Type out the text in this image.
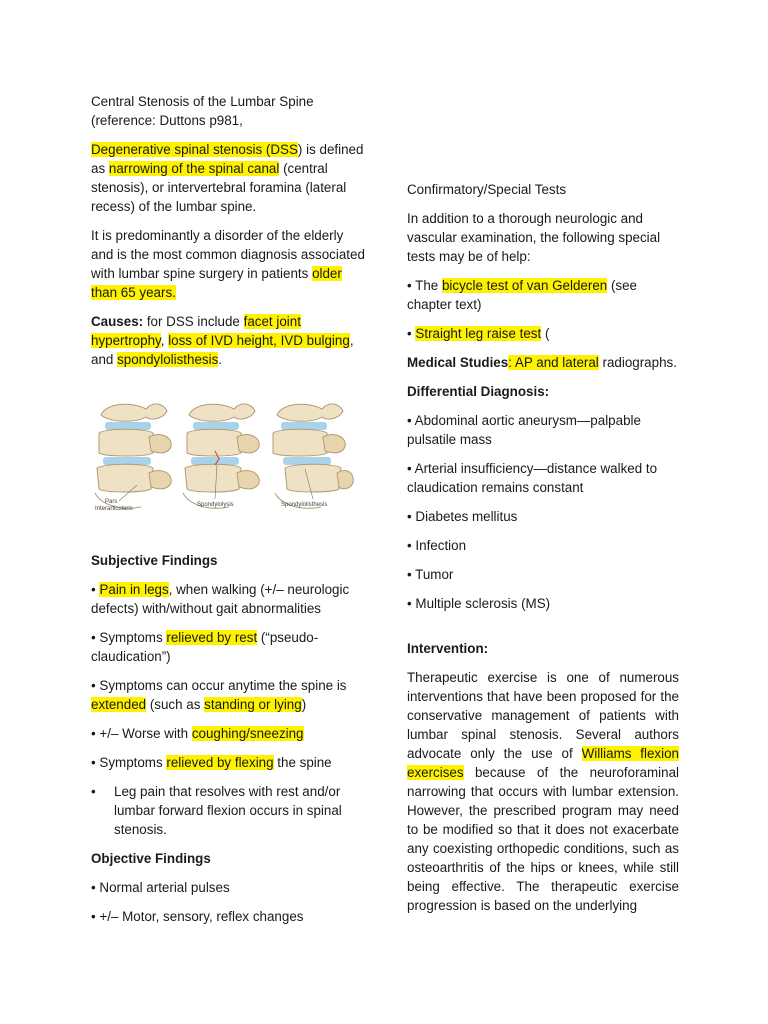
Central Stenosis of the Lumbar Spine
(reference: Duttons p981,

Degenerative spinal stenosis (DSS) is defined as narrowing of the spinal canal (central stenosis), or intervertebral foramina (lateral recess) of the lumbar spine.

It is predominantly a disorder of the elderly and is the most common diagnosis associated with lumbar spine surgery in patients older than 65 years.

Causes: for DSS include facet joint hypertrophy, loss of IVD height, IVD bulging, and spondylolisthesis.

Pars
Interarticularis
Spondylolysis	Spondylolisthesis
Subjective Findings

• Pain in legs, when walking (+/– neurologic defects) with/without gait abnormalities

• Symptoms relieved by rest (“pseudo-claudication”)

• Symptoms can occur anytime the spine is extended (such as standing or lying)

• +/– Worse with coughing/sneezing

• Symptoms relieved by flexing the spine

• Leg pain that resolves with rest and/or lumbar forward flexion occurs in spinal stenosis.
Objective Findings

• Normal arterial pulses

• +/– Motor, sensory, reflex changes

Confirmatory/Special Tests

In addition to a thorough neurologic and vascular examination, the following special tests may be of help:

• The bicycle test of van Gelderen (see chapter text)

• Straight leg raise test (

Medical Studies: AP and lateral radiographs.

Differential Diagnosis:

• Abdominal aortic aneurysm—palpable pulsatile mass

• Arterial insufficiency—distance walked to claudication remains constant

• Diabetes mellitus

• Infection

• Tumor

• Multiple sclerosis (MS)

Intervention:

Therapeutic exercise is one of numerous interventions that have been proposed for the conservative management of patients with lumbar spinal stenosis. Several authors advocate only the use of Williams flexion exercises because of the neuroforaminal narrowing that occurs with lumbar extension. However, the prescribed program may need to be modified so that it does not exacerbate any coexisting orthopedic conditions, such as osteoarthritis of the hips or knees, while still being effective. The therapeutic exercise progression is based on the underlying
